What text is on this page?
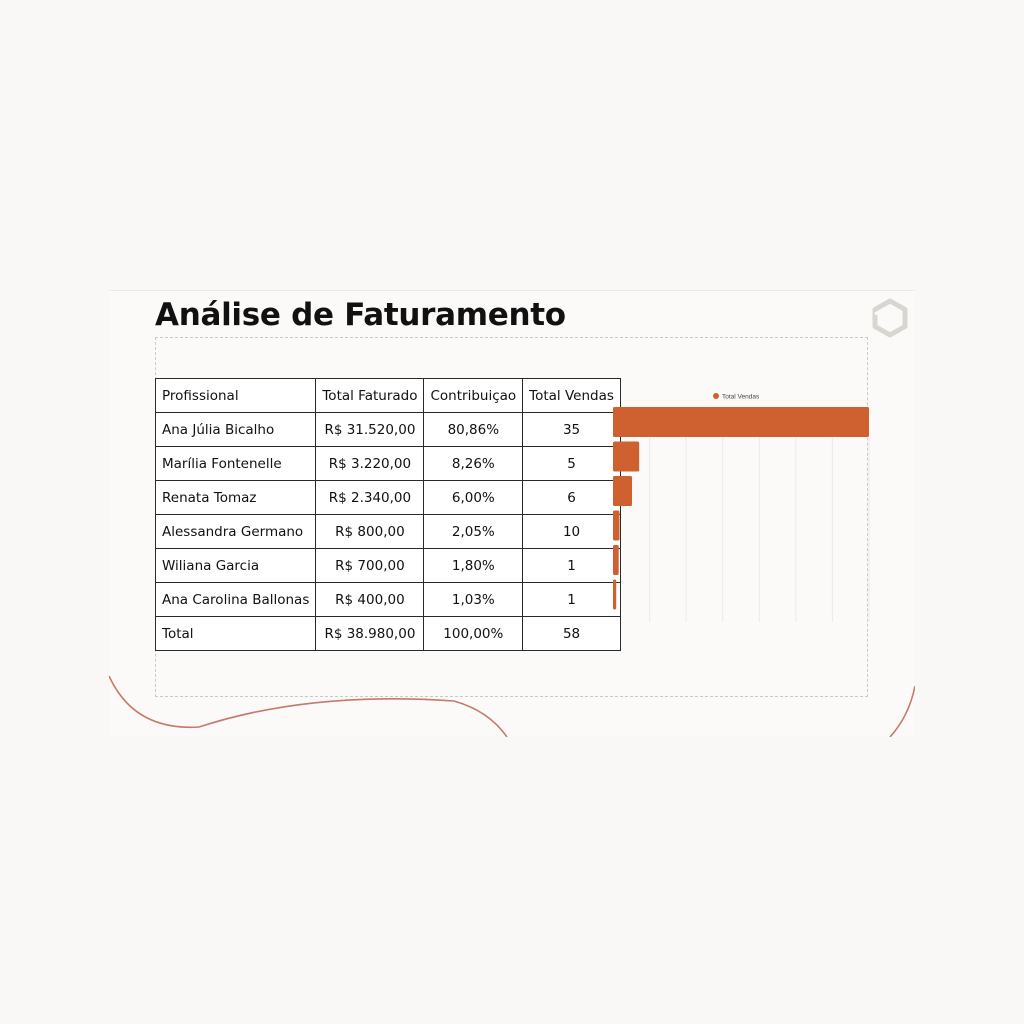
Análise de Faturamento
Profissional	Total Faturado	Contribuiçao	Total Vendas
Ana Júlia Bicalho	R$ 31.520,00	80,86%	35
Marília Fontenelle	R$ 3.220,00	8,26%	5
Renata Tomaz	R$ 2.340,00	6,00%	6
Alessandra Germano	R$ 800,00	2,05%	10
Wiliana Garcia	R$ 700,00	1,80%	1
Ana Carolina Ballonas	R$ 400,00	1,03%	1
Total	R$ 38.980,00	100,00%	58
Total Vendas
